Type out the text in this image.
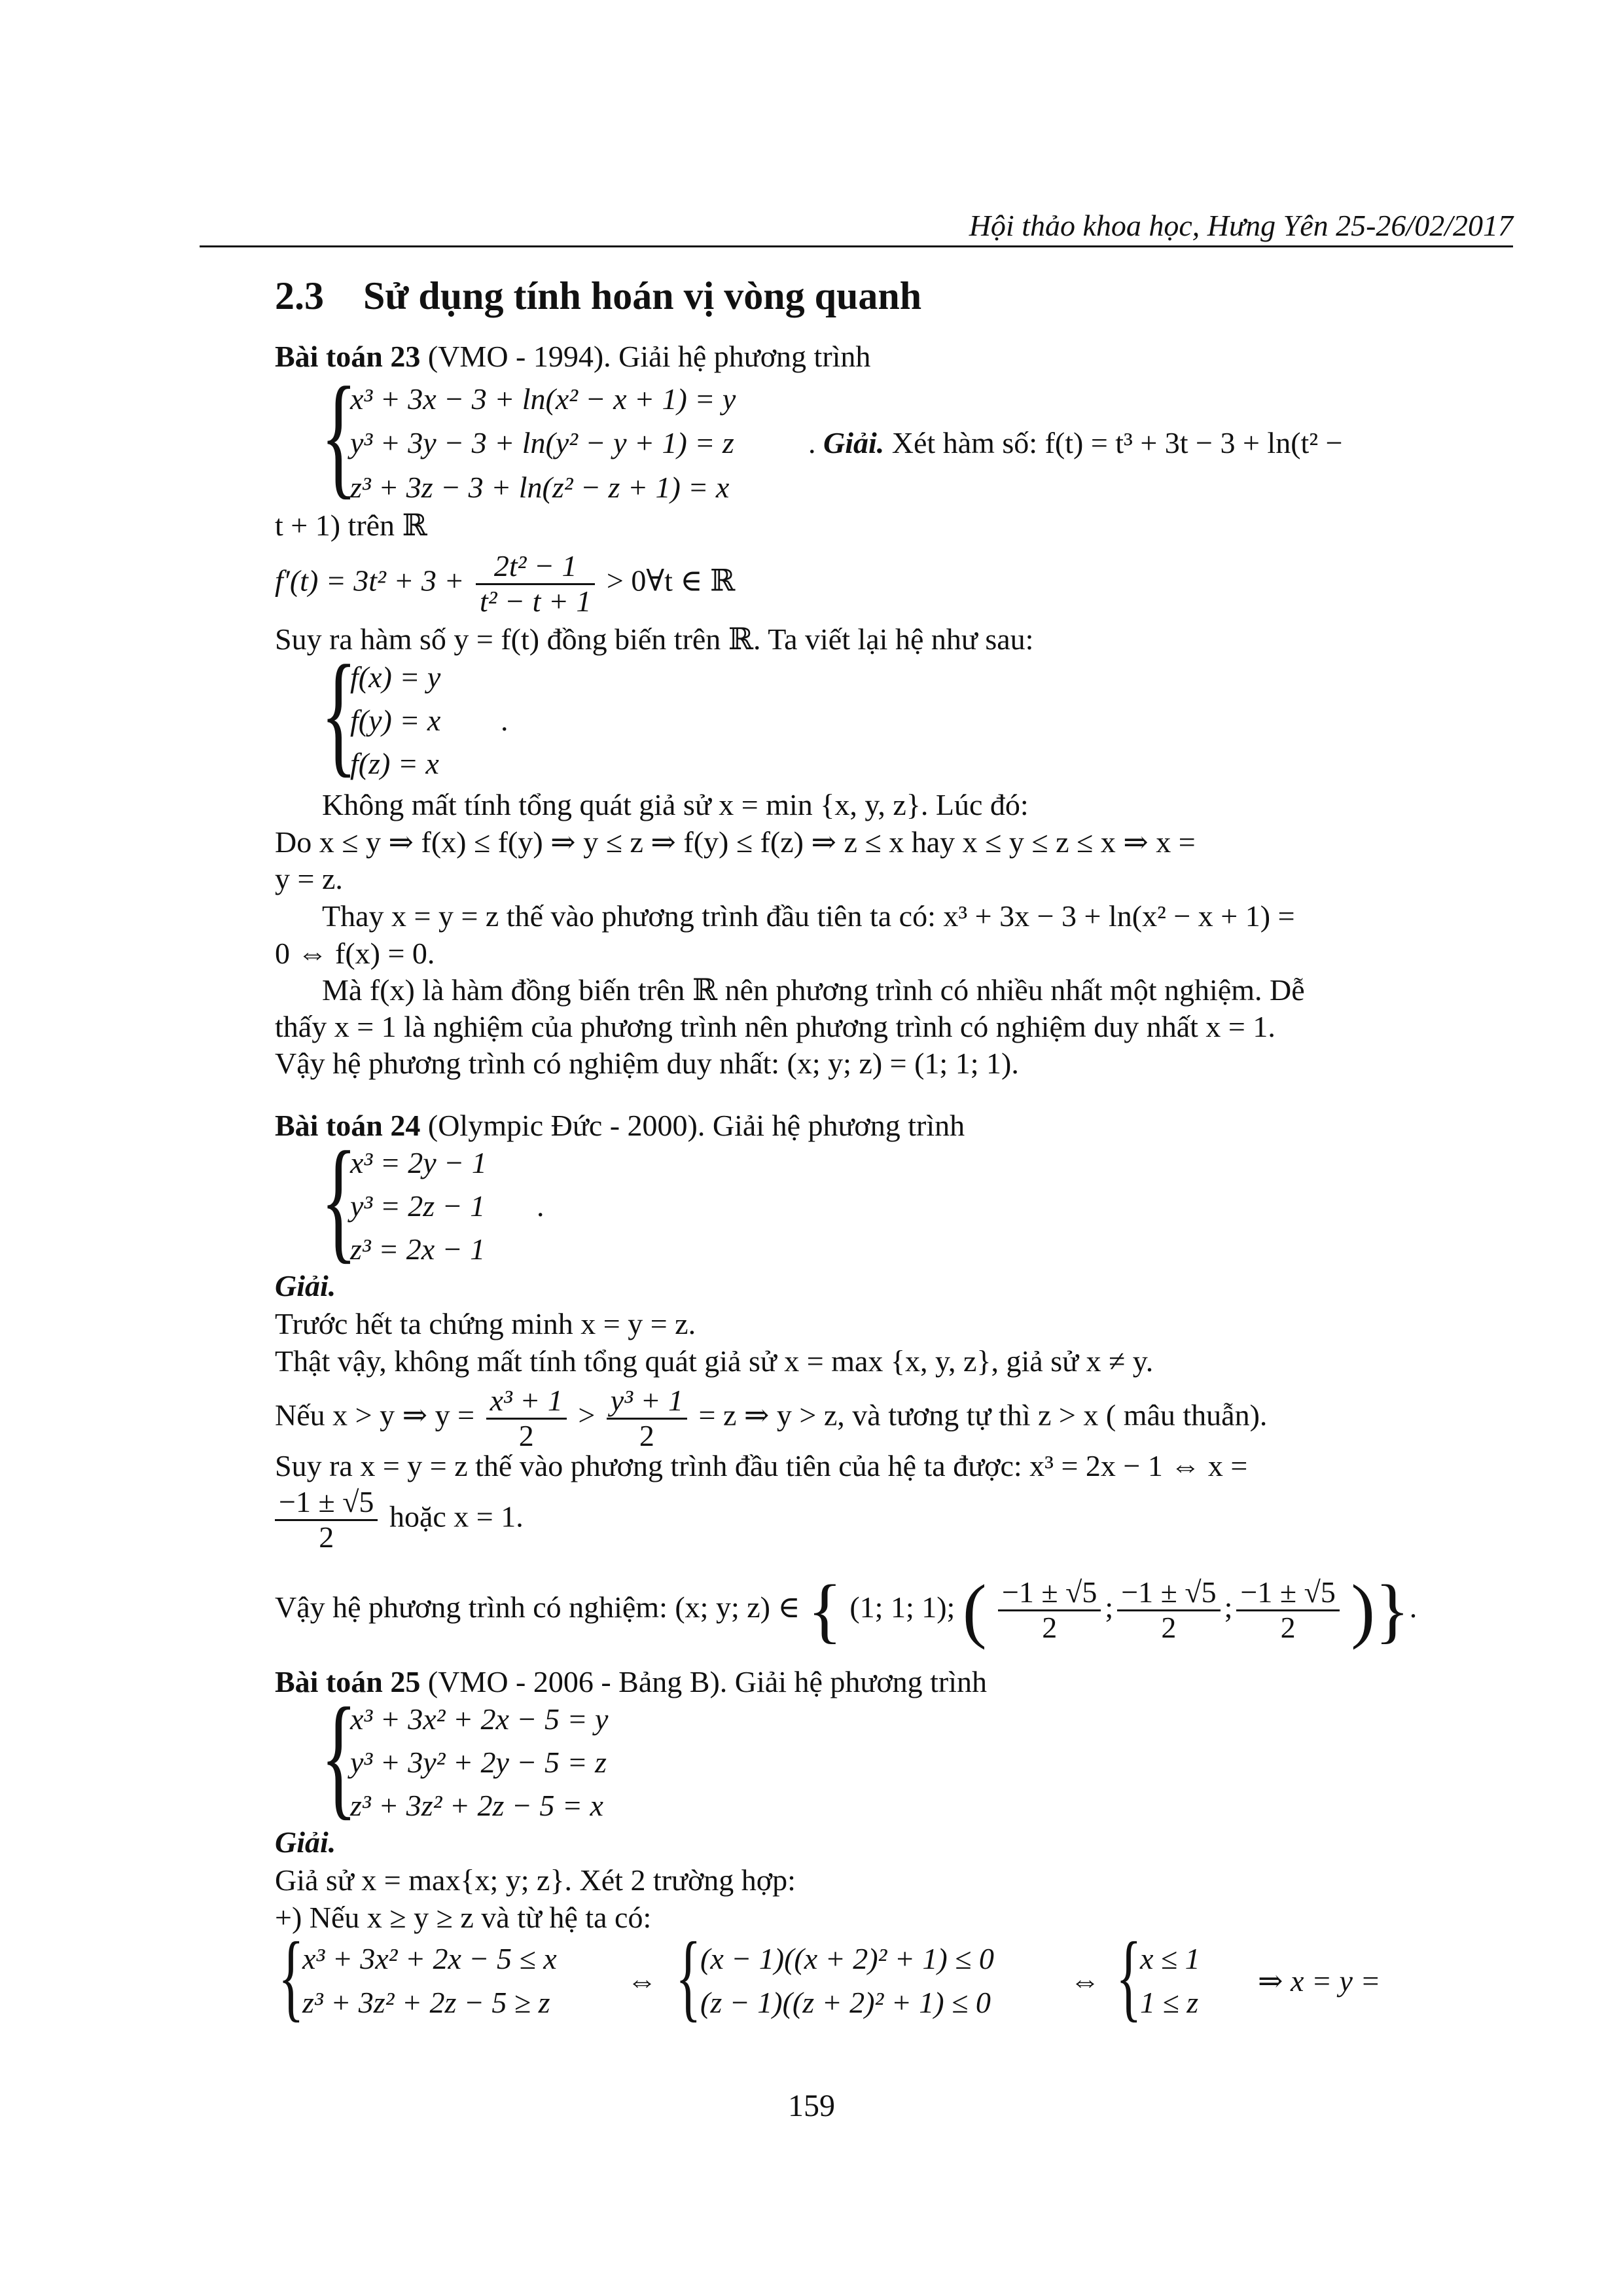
Hội thảo khoa học, Hưng Yên 25-26/02/2017
2.3 Sử dụng tính hoán vị vòng quanh
Bài toán 23 (VMO - 1994). Giải hệ phương trình
{
x³ + 3x − 3 + ln(x² − x + 1) = y
y³ + 3y − 3 + ln(y² − y + 1) = z
z³ + 3z − 3 + ln(z² − z + 1) = x
. Giải. Xét hàm số: f(t) = t³ + 3t − 3 + ln(t² −
t + 1) trên ℝ
$f'(t) = 3t^2 + 3 + \frac{\text{2t² − 1}}{\text{t² − t + 1}}$ > 0∀t ∈ ℝ
Suy ra hàm số y = f(t) đồng biến trên ℝ. Ta viết lại hệ như sau:
{
f(x) = y
f(y) = x
f(z) = x
.
Không mất tính tổng quát giả sử x = min {x, y, z}. Lúc đó:
Do x ≤ y ⇒ f(x) ≤ f(y) ⇒ y ≤ z ⇒ f(y) ≤ f(z) ⇒ z ≤ x hay x ≤ y ≤ z ≤ x ⇒ x =
y = z.
Thay x = y = z thế vào phương trình đầu tiên ta có: x³ + 3x − 3 + ln(x² − x + 1) =
0 ⇔ f(x) = 0.
Mà f(x) là hàm đồng biến trên ℝ nên phương trình có nhiều nhất một nghiệm. Dễ
thấy x = 1 là nghiệm của phương trình nên phương trình có nghiệm duy nhất x = 1.
Vậy hệ phương trình có nghiệm duy nhất: (x; y; z) = (1; 1; 1).
Bài toán 24 (Olympic Đức - 2000). Giải hệ phương trình
{
x³ = 2y − 1
y³ = 2z − 1
z³ = 2x − 1
.
Giải.
Trước hết ta chứng minh x = y = z.
Thật vậy, không mất tính tổng quát giả sử x = max {x, y, z}, giả sử x ≠ y.
Nếu x > y ⇒ $y = \frac{\text{x³ + 1}}{2} > \frac{\text{y³ + 1}}{2} = z$ ⇒ y > z, và tương tự thì z > x ( mâu thuẫn).
Suy ra x = y = z thế vào phương trình đầu tiên của hệ ta được: x³ = 2x − 1 ⇔ x =
$\frac{-1 \pm √5}{2}$ hoặc x = 1.
Vậy hệ phương trình có nghiệm: (x; y; z) ∈ { (1; 1; 1); ( $\frac{-1 \pm √5}{2}$ ; $\frac{-1 \pm √5}{2}$ ; $\frac{-1 \pm √5}{2}$ )}.
Bài toán 25 (VMO - 2006 - Bảng B). Giải hệ phương trình
{
x³ + 3x² + 2x − 5 = y
y³ + 3y² + 2y − 5 = z
z³ + 3z² + 2z − 5 = x
Giải.
Giả sử x = max{x; y; z}. Xét 2 trường hợp:
+) Nếu x ≥ y ≥ z và từ hệ ta có:
{
x³ + 3x² + 2x − 5 ≤ x
z³ + 3z² + 2z − 5 ≥ z
⇔ {
(x − 1)((x + 2)² + 1) ≤ 0
(z − 1)((z + 2)² + 1) ≤ 0
⇔ {
x ≤ 1
1 ≤ z
⇒ x = y =
159
